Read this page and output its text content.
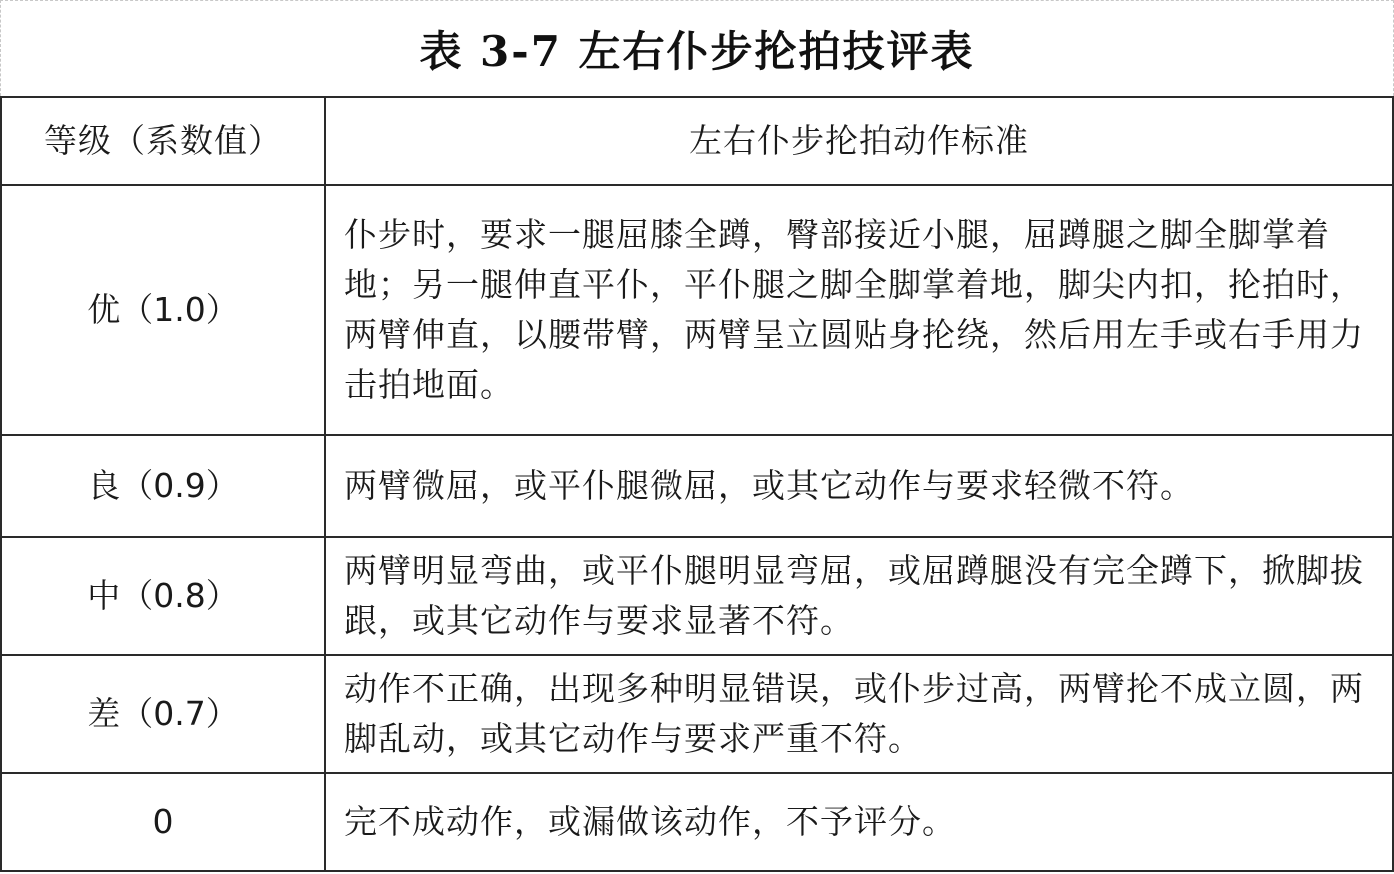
表 3-7 左右仆步抡拍技评表
等级（系数值）	左右仆步抡拍动作标准
优（1.0）	仆步时，要求一腿屈膝全蹲，臀部接近小腿，屈蹲腿之脚全脚掌着地；另一腿伸直平仆，平仆腿之脚全脚掌着地，脚尖内扣，抡拍时，两臂伸直，以腰带臂，两臂呈立圆贴身抡绕，然后用左手或右手用力击拍地面。
良（0.9）	两臂微屈，或平仆腿微屈，或其它动作与要求轻微不符。
中（0.8）	两臂明显弯曲，或平仆腿明显弯屈，或屈蹲腿没有完全蹲下，掀脚拔跟，或其它动作与要求显著不符。
差（0.7）	动作不正确，出现多种明显错误，或仆步过高，两臂抡不成立圆，两脚乱动，或其它动作与要求严重不符。
0	完不成动作，或漏做该动作，不予评分。
